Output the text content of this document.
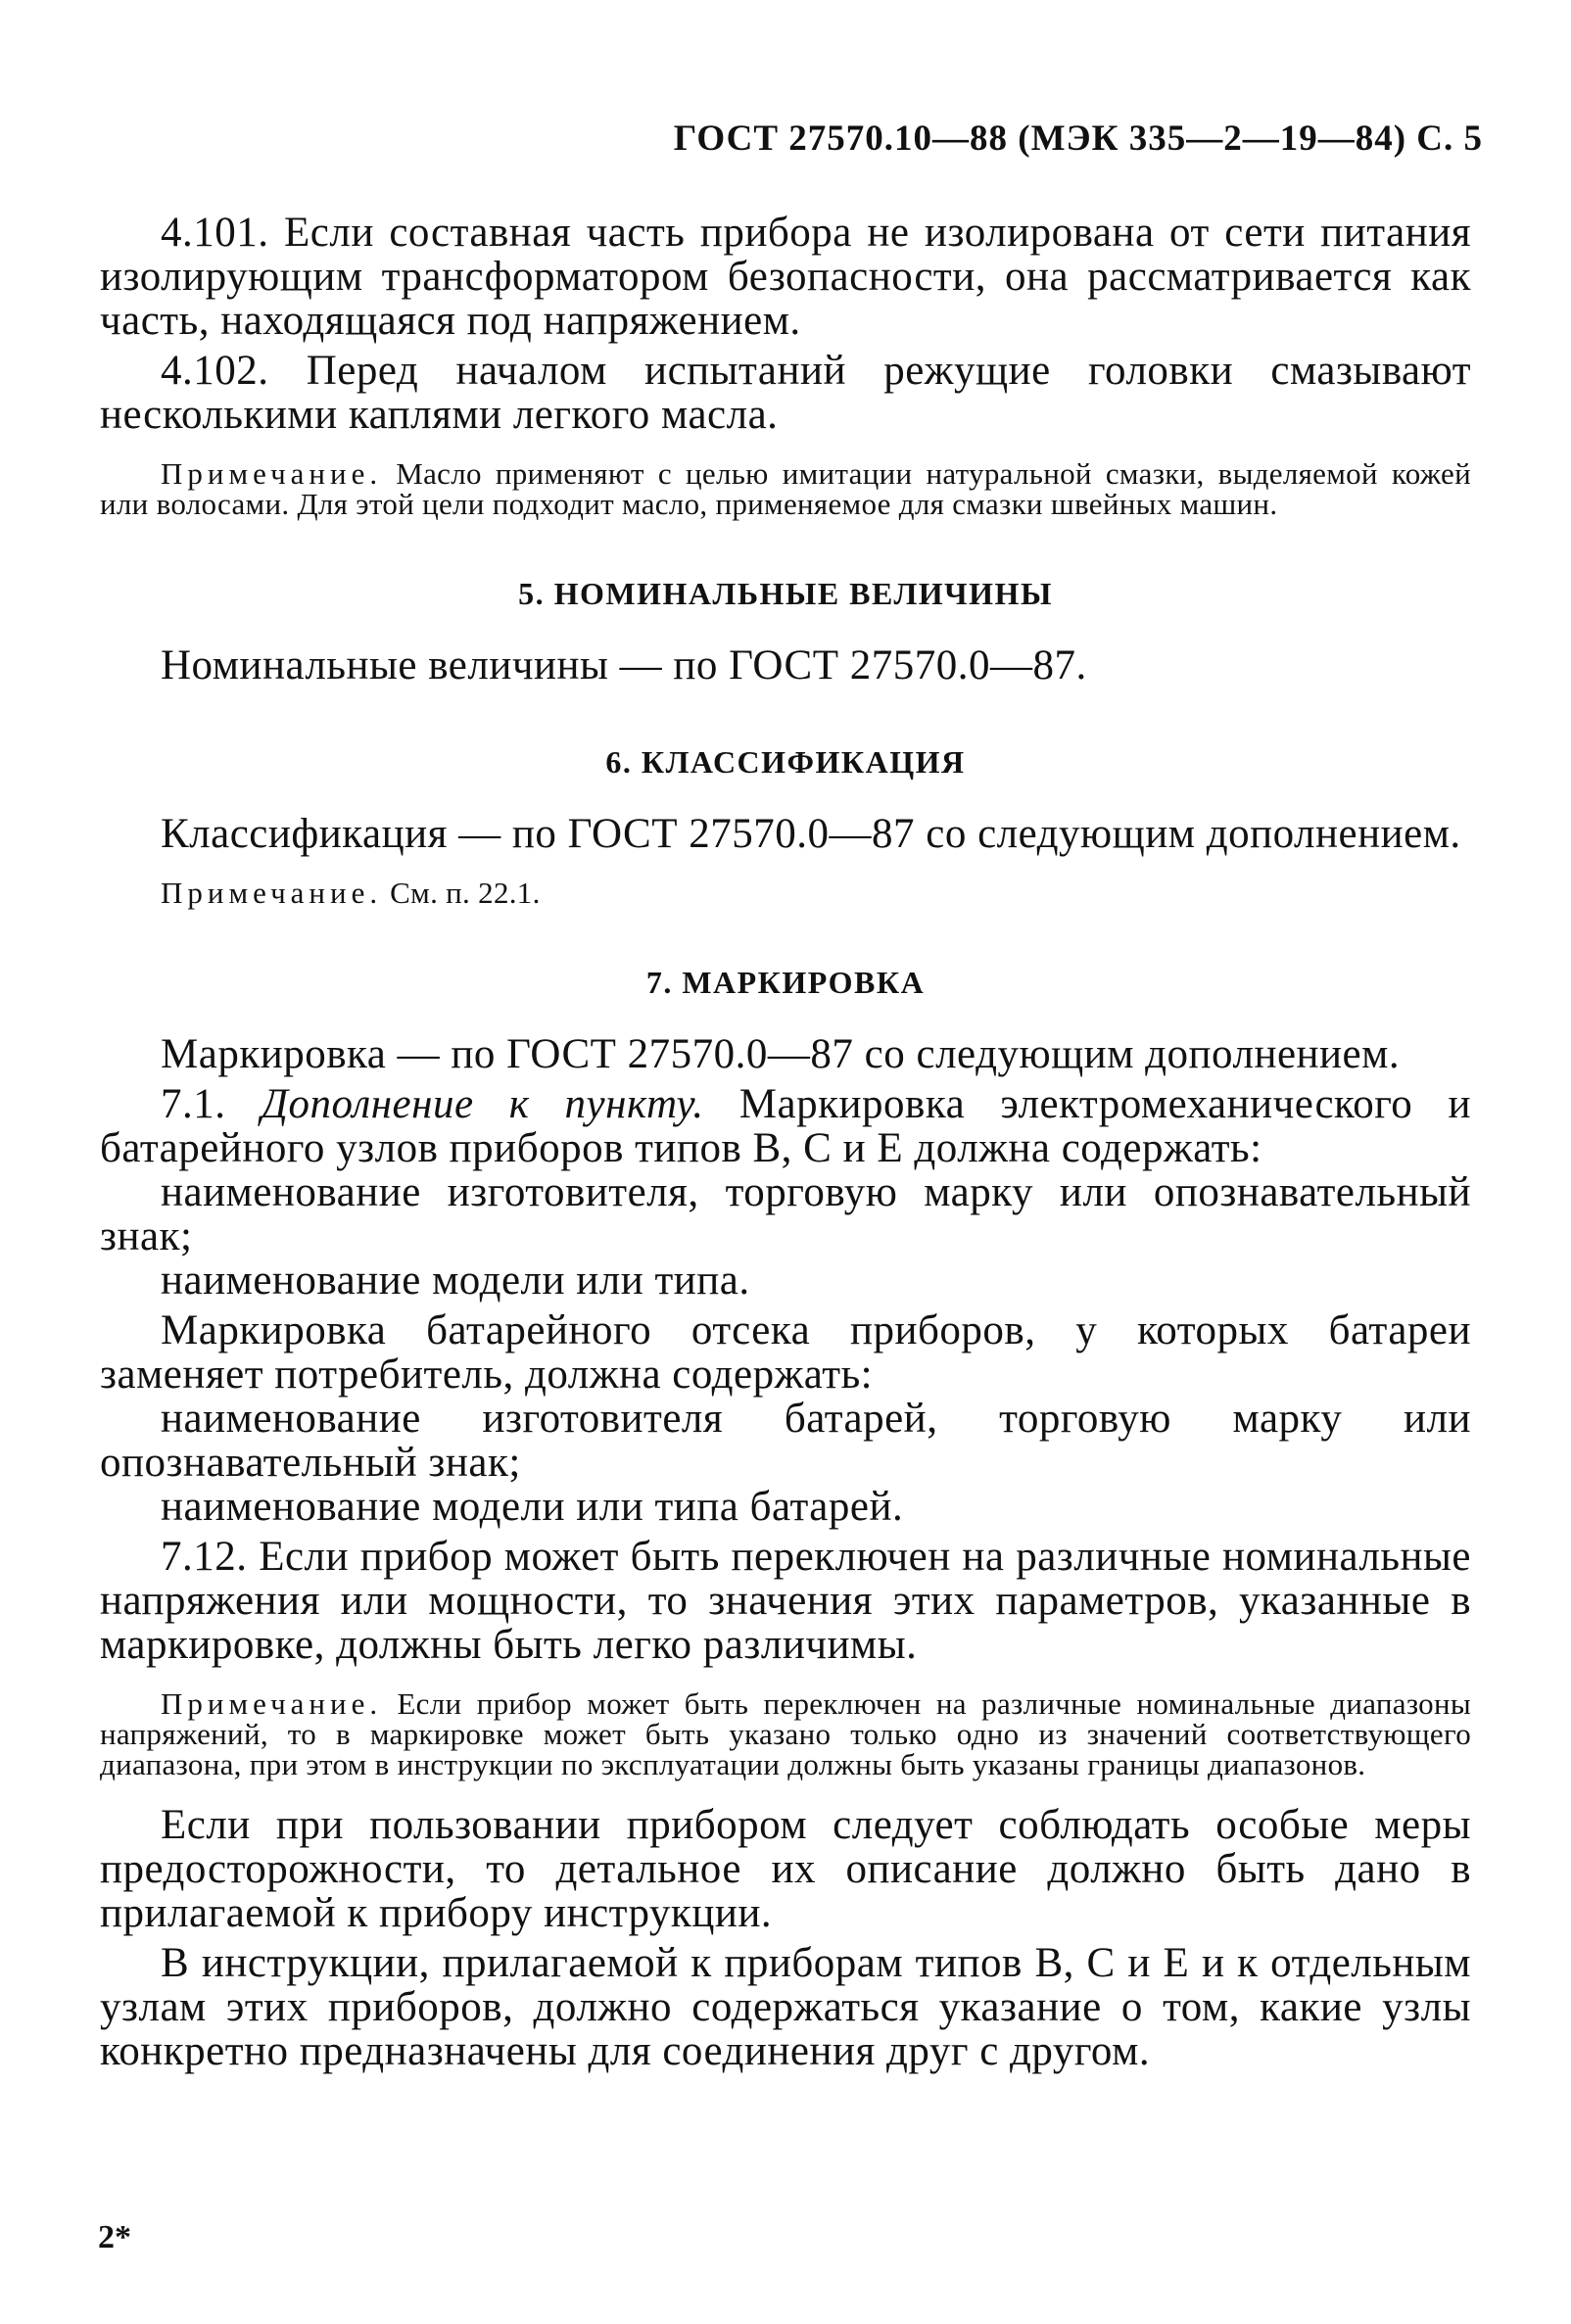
ГОСТ 27570.10—88 (МЭК 335—2—19—84) С. 5

4.101. Если составная часть прибора не изолирована от сети питания изолирующим трансформатором безопасности, она рассматривается как часть, находящаяся под напряжением.

4.102. Перед началом испытаний режущие головки смазывают несколькими каплями легкого масла.

Примечание. Масло применяют с целью имитации натуральной смазки, выделяемой кожей или волосами. Для этой цели подходит масло, применяемое для смазки швейных машин.

5. НОМИНАЛЬНЫЕ ВЕЛИЧИНЫ

Номинальные величины — по ГОСТ 27570.0—87.

6. КЛАССИФИКАЦИЯ

Классификация — по ГОСТ 27570.0—87 со следующим дополнением.

Примечание. См. п. 22.1.

7. МАРКИРОВКА

Маркировка — по ГОСТ 27570.0—87 со следующим дополнением.

7.1. Дополнение к пункту. Маркировка электромеханического и батарейного узлов приборов типов В, С и Е должна содержать:

наименование изготовителя, торговую марку или опознавательный знак;

наименование модели или типа.

Маркировка батарейного отсека приборов, у которых батареи заменяет потребитель, должна содержать:

наименование изготовителя батарей, торговую марку или опознавательный знак;

наименование модели или типа батарей.

7.12. Если прибор может быть переключен на различные номинальные напряжения или мощности, то значения этих параметров, указанные в маркировке, должны быть легко различимы.

Примечание. Если прибор может быть переключен на различные номинальные диапазоны напряжений, то в маркировке может быть указано только одно из значений соответствующего диапазона, при этом в инструкции по эксплуатации должны быть указаны границы диапазонов.

Если при пользовании прибором следует соблюдать особые меры предосторожности, то детальное их описание должно быть дано в прилагаемой к прибору инструкции.

В инструкции, прилагаемой к приборам типов В, С и Е и к отдельным узлам этих приборов, должно содержаться указание о том, какие узлы конкретно предназначены для соединения друг с другом.

2*
